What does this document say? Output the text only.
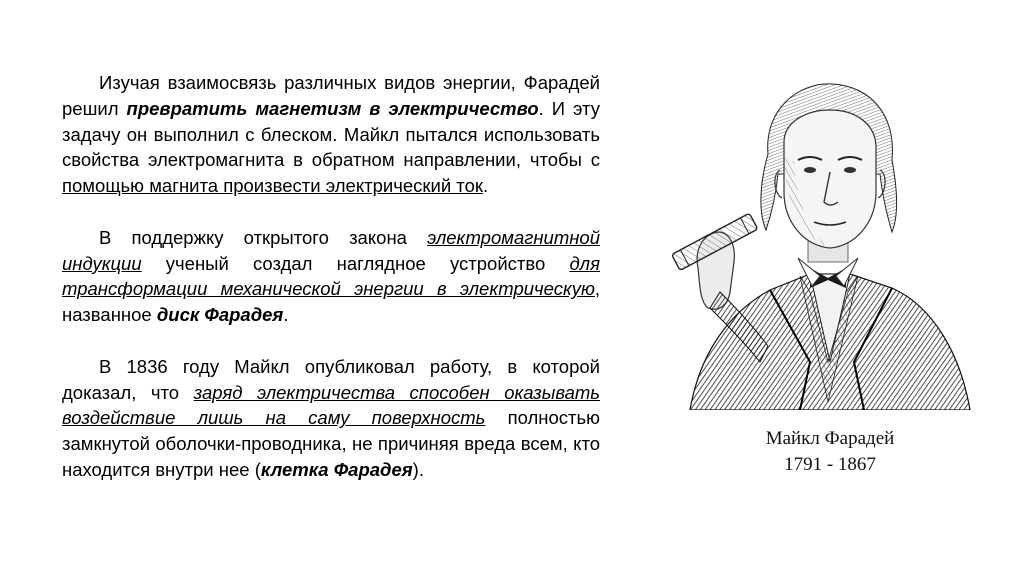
Изучая взаимосвязь различных видов энергии, Фарадей решил превратить магнетизм в электричество. И эту задачу он выполнил с блеском. Майкл пытался использовать свойства электромагнита в обратном направлении, чтобы с помощью магнита произвести электрический ток.

В поддержку открытого закона электромагнитной индукции ученый создал наглядное устройство для трансформации механической энергии в электрическую, названное диск Фарадея.

В 1836 году Майкл опубликовал работу, в которой доказал, что заряд электричества способен оказывать воздействие лишь на саму поверхность полностью замкнутой оболочки-проводника, не причиняя вреда всем, кто находится внутри нее (клетка Фарадея).

Майкл Фарадей
1791 - 1867
